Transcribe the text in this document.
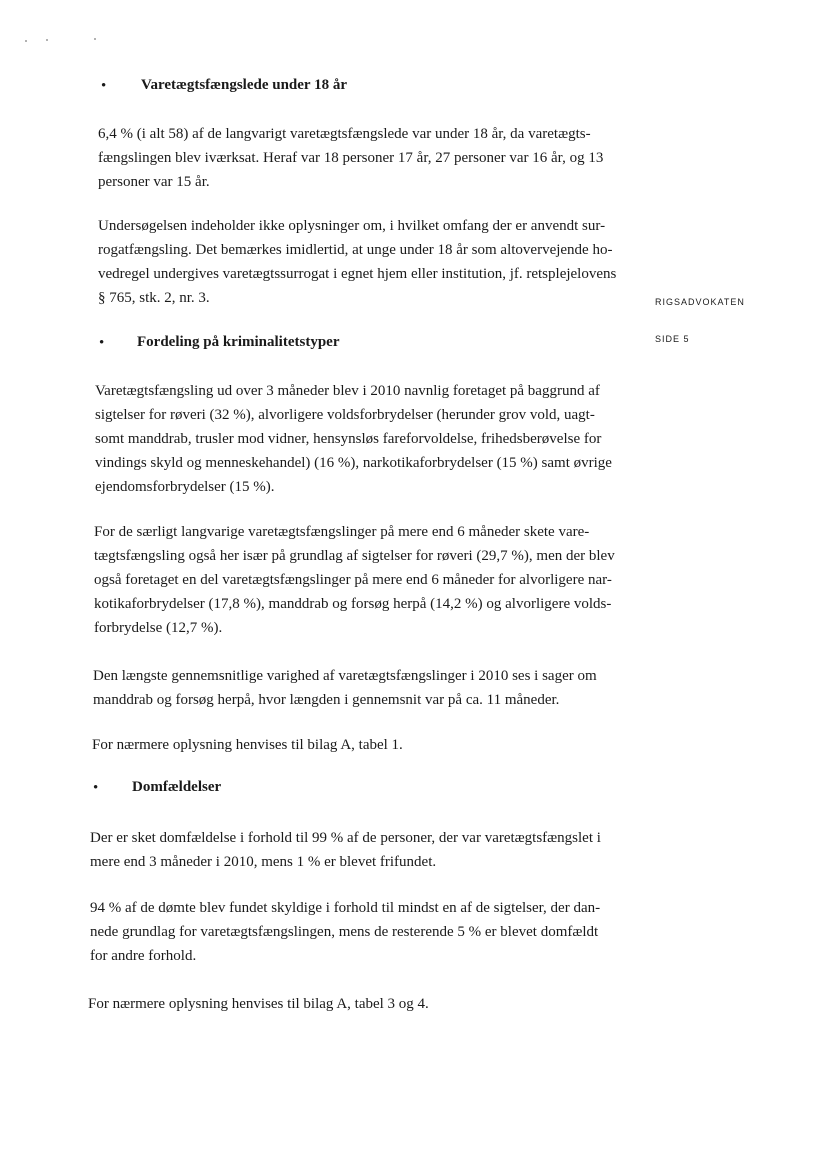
RIGSADVOKATEN
SIDE 5
• Varetægtsfængslede under 18 år
6,4 % (i alt 58) af de langvarigt varetægtsfængslede var under 18 år, da varetægts-
fængslingen blev iværksat. Heraf var 18 personer 17 år, 27 personer var 16 år, og 13
personer var 15 år.
Undersøgelsen indeholder ikke oplysninger om, i hvilket omfang der er anvendt sur-
rogatfængsling. Det bemærkes imidlertid, at unge under 18 år som altovervejende ho-
vedregel undergives varetægtssurrogat i egnet hjem eller institution, jf. retsplejelovens
§ 765, stk. 2, nr. 3.
• Fordeling på kriminalitetstyper
Varetægtsfængsling ud over 3 måneder blev i 2010 navnlig foretaget på baggrund af
sigtelser for røveri (32 %), alvorligere voldsforbrydelser (herunder grov vold, uagt-
somt manddrab, trusler mod vidner, hensynsløs fareforvoldelse, frihedsberøvelse for
vindings skyld og menneskehandel) (16 %), narkotikaforbrydelser (15 %) samt øvrige
ejendomsforbrydelser (15 %).
For de særligt langvarige varetægtsfængslinger på mere end 6 måneder skete vare-
tægtsfængsling også her især på grundlag af sigtelser for røveri (29,7 %), men der blev
også foretaget en del varetægtsfængslinger på mere end 6 måneder for alvorligere nar-
kotikaforbrydelser (17,8 %), manddrab og forsøg herpå (14,2 %) og alvorligere volds-
forbrydelse (12,7 %).
Den længste gennemsnitlige varighed af varetægtsfængslinger i 2010 ses i sager om
manddrab og forsøg herpå, hvor længden i gennemsnit var på ca. 11 måneder.
For nærmere oplysning henvises til bilag A, tabel 1.
• Domfældelser
Der er sket domfældelse i forhold til 99 % af de personer, der var varetægtsfængslet i
mere end 3 måneder i 2010, mens 1 % er blevet frifundet.
94 % af de dømte blev fundet skyldige i forhold til mindst en af de sigtelser, der dan-
nede grundlag for varetægtsfængslingen, mens de resterende 5 % er blevet domfældt
for andre forhold.
For nærmere oplysning henvises til bilag A, tabel 3 og 4.
